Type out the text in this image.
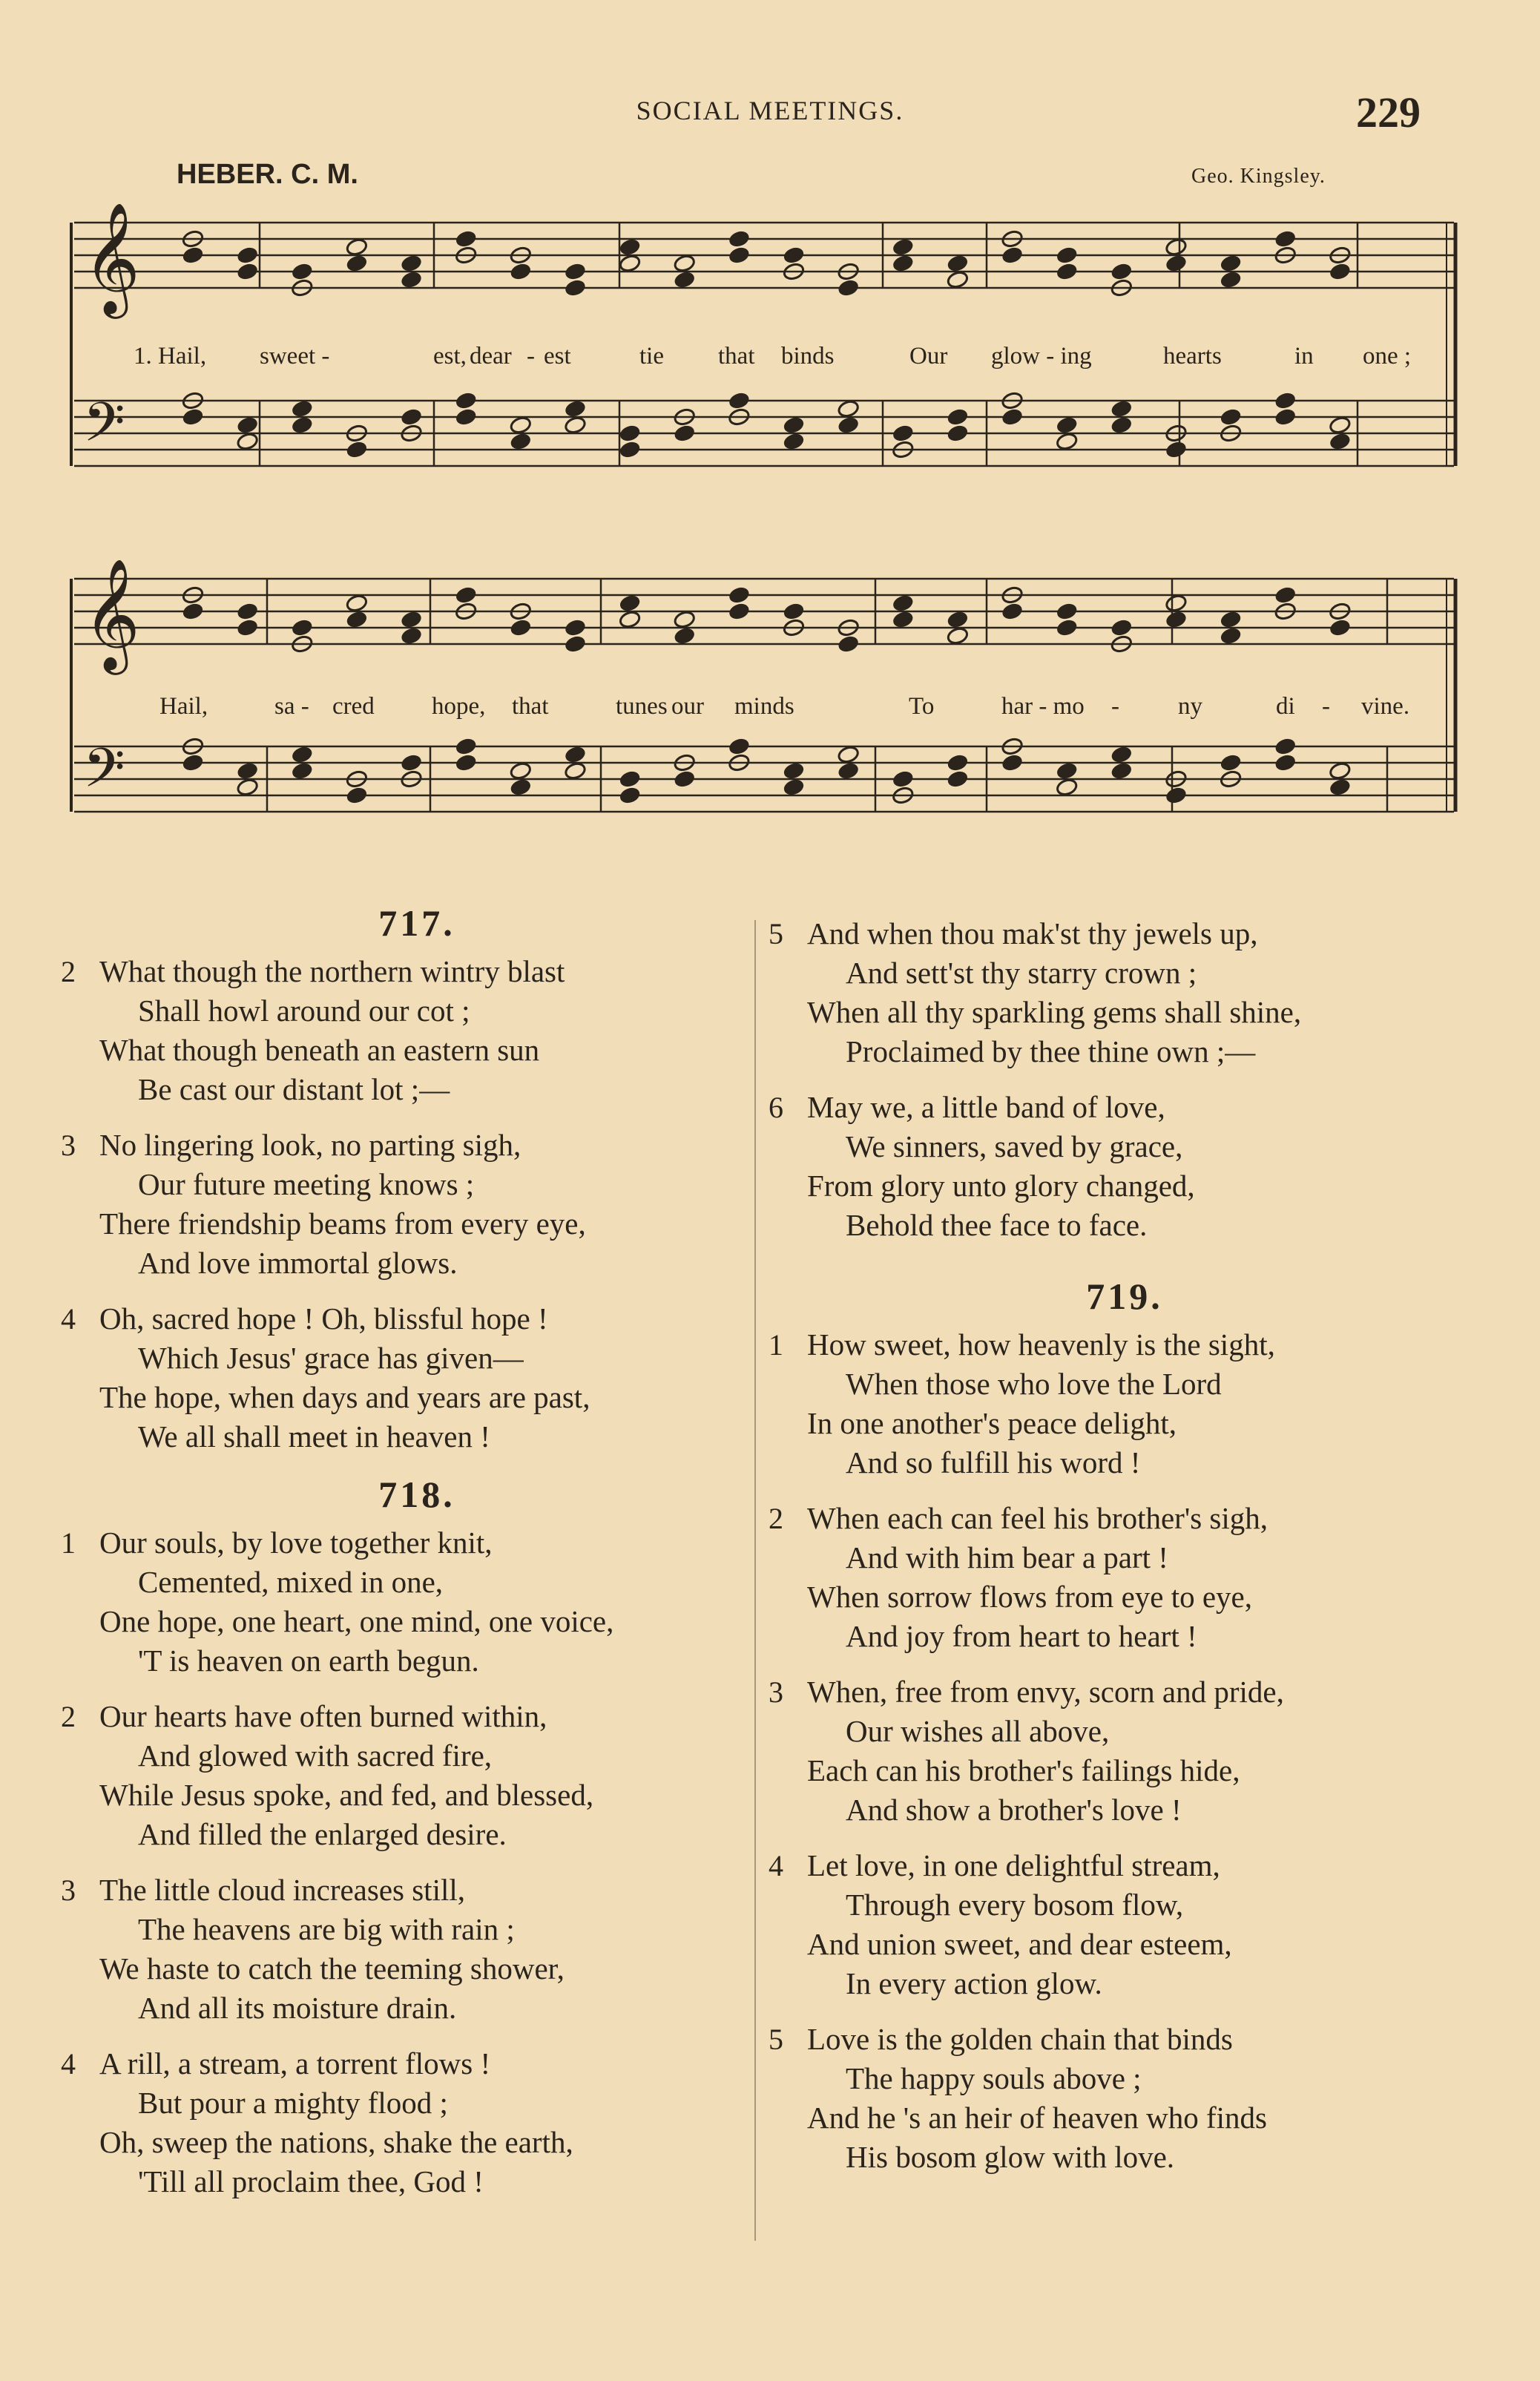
SOCIAL MEETINGS.	229
HEBER. C. M.	Geo. Kingsley.
𝄞
𝄢
𝄞
𝄢
1. Hail, sweet -	est, dear - est	tie that binds	Our glow - ing	hearts	in one ;
Hail,	sa - cred hope, that	tunes our minds	To	har - mo - ny	di - vine.
717.
2 What though the northern wintry blast
Shall howl around our cot ;
What though beneath an eastern sun
Be cast our distant lot ;—
3 No lingering look, no parting sigh,
Our future meeting knows ;
There friendship beams from every eye,
And love immortal glows.
4 Oh, sacred hope ! Oh, blissful hope !
Which Jesus' grace has given—
The hope, when days and years are past,
We all shall meet in heaven !
718.
1 Our souls, by love together knit,
Cemented, mixed in one,
One hope, one heart, one mind, one voice,
'T is heaven on earth begun.
2 Our hearts have often burned within,
And glowed with sacred fire,
While Jesus spoke, and fed, and blessed,
And filled the enlarged desire.
3 The little cloud increases still,
The heavens are big with rain ;
We haste to catch the teeming shower,
And all its moisture drain.
4 A rill, a stream, a torrent flows !
But pour a mighty flood ;
Oh, sweep the nations, shake the earth,
'Till all proclaim thee, God !
5 And when thou mak'st thy jewels up,
And sett'st thy starry crown ;
When all thy sparkling gems shall shine,
Proclaimed by thee thine own ;—
6 May we, a little band of love,
We sinners, saved by grace,
From glory unto glory changed,
Behold thee face to face.
719.
1 How sweet, how heavenly is the sight,
When those who love the Lord
In one another's peace delight,
And so fulfill his word !
2 When each can feel his brother's sigh,
And with him bear a part !
When sorrow flows from eye to eye,
And joy from heart to heart !
3 When, free from envy, scorn and pride,
Our wishes all above,
Each can his brother's failings hide,
And show a brother's love !
4 Let love, in one delightful stream,
Through every bosom flow,
And union sweet, and dear esteem,
In every action glow.
5 Love is the golden chain that binds
The happy souls above ;
And he 's an heir of heaven who finds
His bosom glow with love.
